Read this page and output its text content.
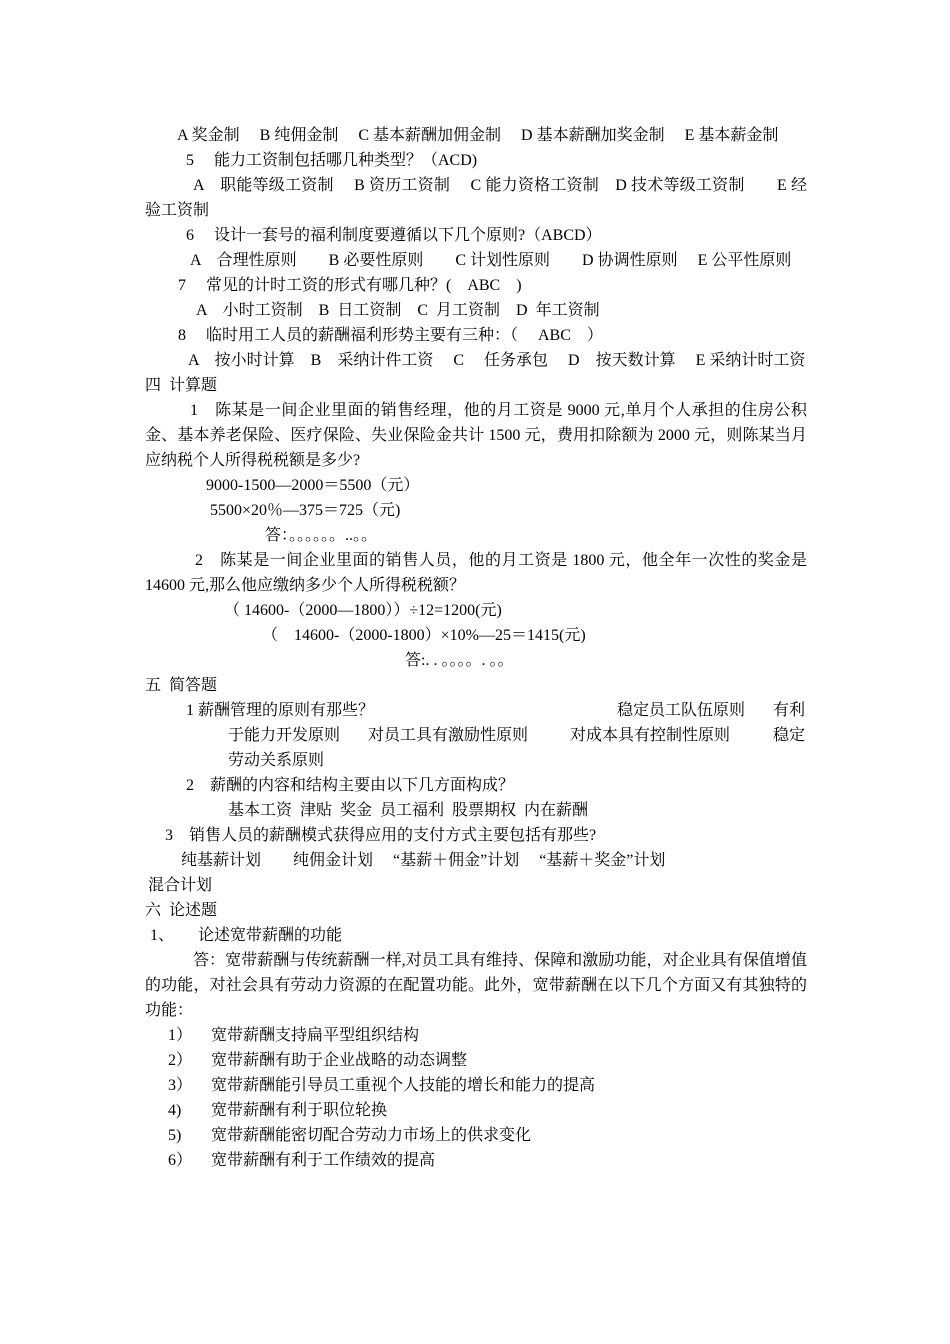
A 奖金制　 B 纯佣金制　 C 基本薪酬加佣金制　 D 基本薪酬加奖金制　 E 基本薪金制
5　 能力工资制包括哪几种类型？（ACD)
A　职能等级工资制　 B 资历工资制　 C 能力资格工资制　D 技术等级工资制　　E 经验工资制
6　 设计一套号的福利制度要遵循以下几个原则?（ABCD）
A　合理性原则　　B 必要性原则　　C 计划性原则　　D 协调性原则　 E 公平性原则
7　 常见的计时工资的形式有哪几种？(　ABC　)
A　小时工资制　B  日工资制　C  月工资制　D  年工资制
8　 临时用工人员的薪酬福利形势主要有三种：（　 ABC　）
A　按小时计算　B　采纳计件工资　 C　 任务承包　 D　按天数计算　 E 采纳计时工资
四  计算题
1　陈某是一间企业里面的销售经理，他的月工资是 9000 元,单月个人承担的住房公积金、基本养老保险、医疗保险、失业保险金共计 1500 元，费用扣除额为 2000 元，则陈某当月应纳税个人所得税税额是多少?
9000-1500—2000＝5500（元）
5500×20％—375＝725（元)
答：。。。。。。..。。
2　陈某是一间企业里面的销售人员，他的月工资是 1800 元，他全年一次性的奖金是 14600 元,那么他应缴纳多少个人所得税税额？
（ 14600-（2000—1800））÷12=1200(元)
（　14600-（2000-1800）×10%—25＝1415(元)
答:. . 。。。。. 。。
五  简答题
1 薪酬管理的原则有那些？	稳定员工队伍原则 有利
于能力开发原则 对员工具有激励性原则	对成本具有控制性原则	稳定
劳动关系原则
2　薪酬的内容和结构主要由以下几方面构成？
基本工资  津贴  奖金  员工福利  股票期权  内在薪酬
3　销售人员的薪酬模式获得应用的支付方式主要包括有那些?
纯基薪计划　　纯佣金计划　 “基薪＋佣金”计划　 “基薪＋奖金”计划
混合计划
六  论述题
1、　　论述宽带薪酬的功能
答：宽带薪酬与传统薪酬一样,对员工具有维持、保障和激励功能，对企业具有保值增值的功能，对社会具有劳动力资源的在配置功能。此外，宽带薪酬在以下几个方面又有其独特的功能：
1） 宽带薪酬支持扁平型组织结构
2） 宽带薪酬有助于企业战略的动态调整
3） 宽带薪酬能引导员工重视个人技能的增长和能力的提高
4) 宽带薪酬有利于职位轮换
5) 宽带薪酬能密切配合劳动力市场上的供求变化
6） 宽带薪酬有利于工作绩效的提高
